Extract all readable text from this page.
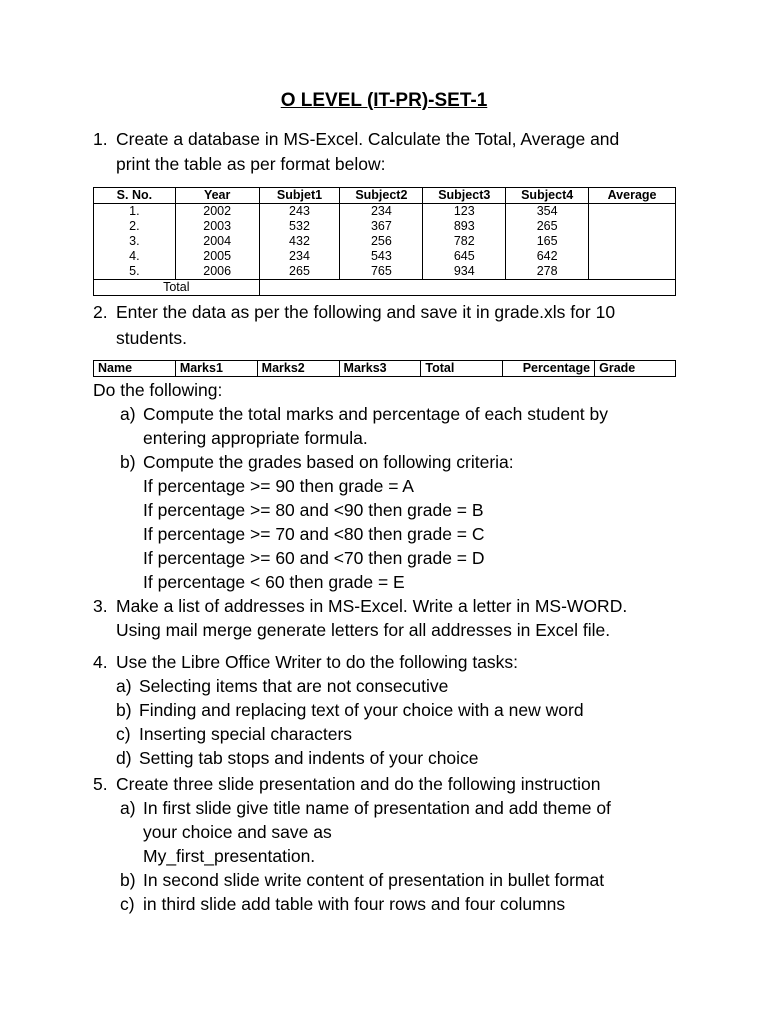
O LEVEL (IT-PR)-SET-1
1. Create a database in MS-Excel. Calculate the Total, Average and
print the table as per format below:
S. No.	Year	Subjet1	Subject2	Subject3	Subject4	Average
1.	2002	243	234	123	354	
2.	2003	532	367	893	265	
3.	2004	432	256	782	165	
4.	2005	234	543	645	642	
5.	2006	265	765	934	278	
Total						
2. Enter the data as per the following and save it in grade.xls for 10
students.
Name	Marks1	Marks2	Marks3	Total	Percentage	Grade
Do the following:
a) Compute the total marks and percentage of each student by
entering appropriate formula.
b) Compute the grades based on following criteria:
If percentage >= 90 then grade = A
If percentage >= 80 and <90 then grade = B
If percentage >= 70 and <80 then grade = C
If percentage >= 60 and <70 then grade = D
If percentage < 60 then grade = E
3. Make a list of addresses in MS-Excel. Write a letter in MS-WORD.
Using mail merge generate letters for all addresses in Excel file.
4. Use the Libre Office Writer to do the following tasks:
a) Selecting items that are not consecutive
b) Finding and replacing text of your choice with a new word
c) Inserting special characters
d) Setting tab stops and indents of your choice
5. Create three slide presentation and do the following instruction
a) In first slide give title name of presentation and add theme of
your choice and save as
My_first_presentation.
b) In second slide write content of presentation in bullet format
c) in third slide add table with four rows and four columns
